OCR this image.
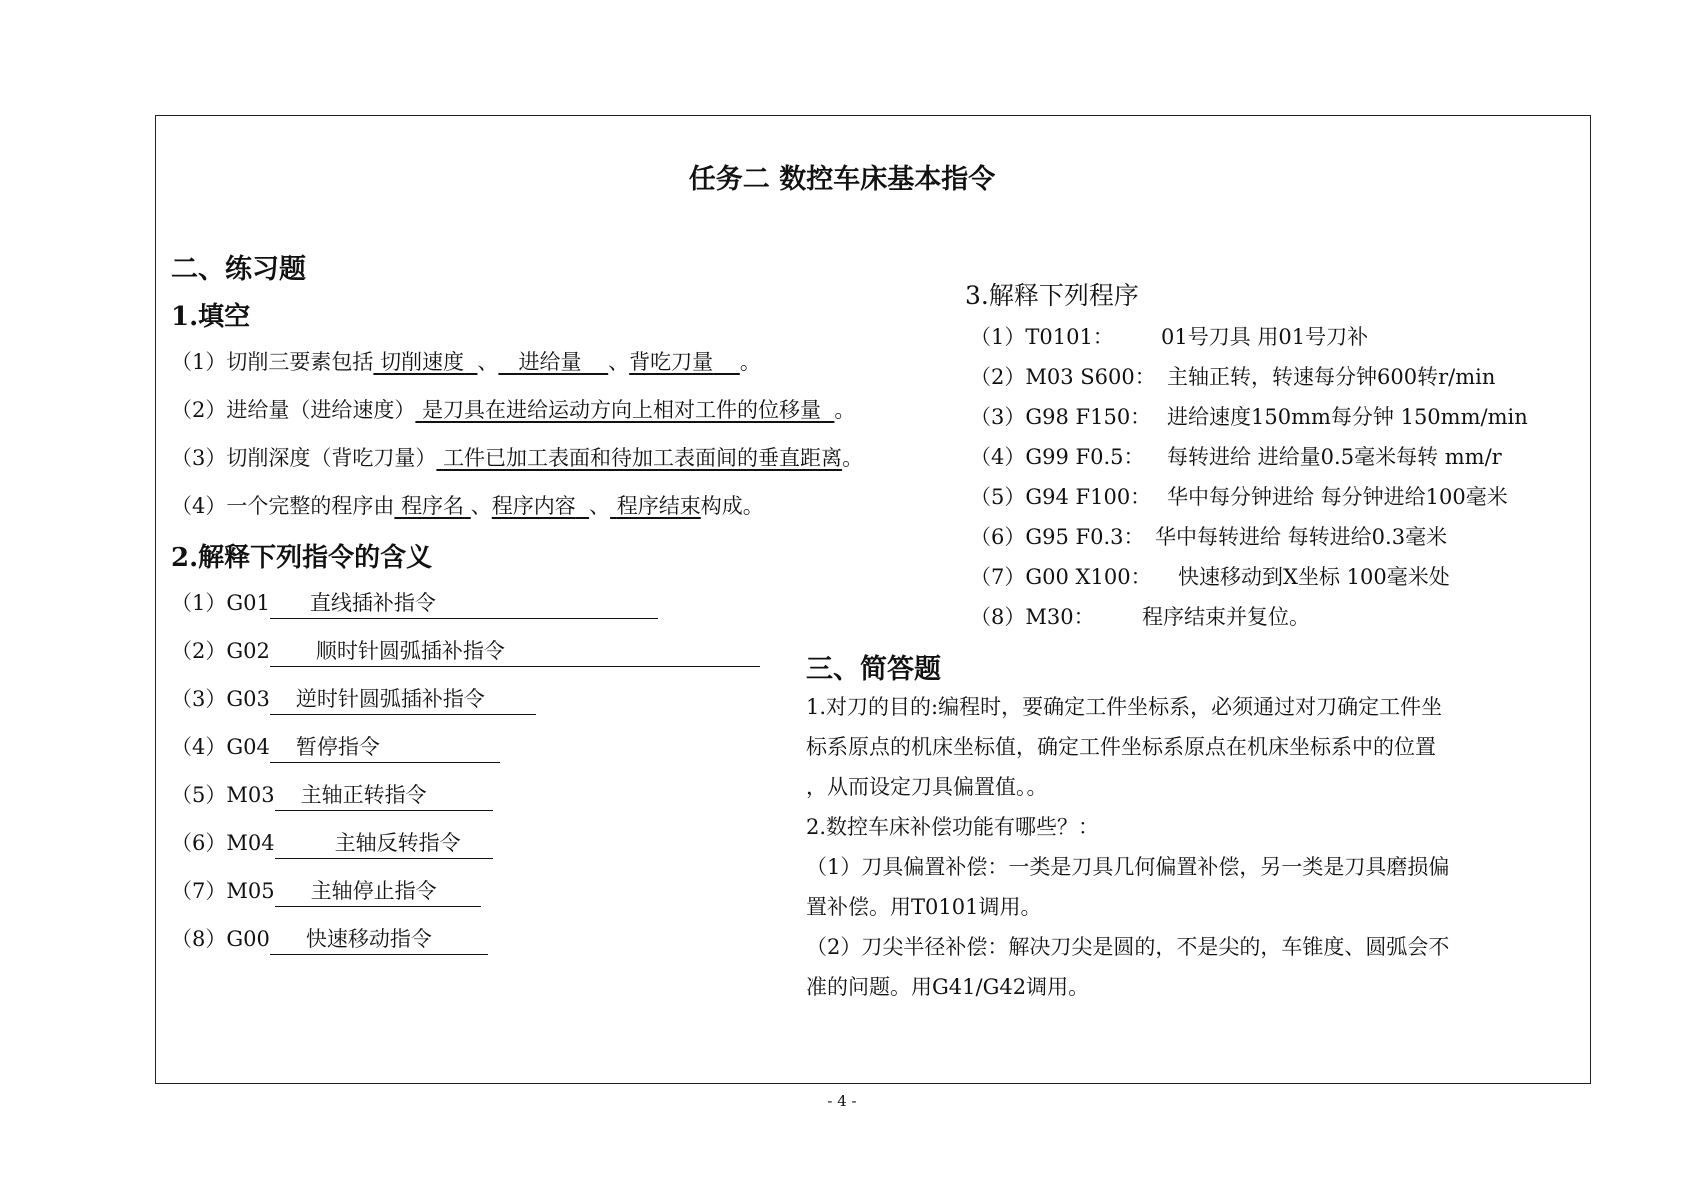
任务二 数控车床基本指令
二、练习题
1.填空
（1）切削三要素包括 切削速度 、 进给量 、背吃刀量 。
（2）进给量（进给速度） 是刀具在进给运动方向上相对工件的位移量 。
（3）切削深度（背吃刀量） 工件已加工表面和待加工表面间的垂直距离。
（4）一个完整的程序由 程序名 、程序内容 、 程序结束构成。
2.解释下列指令的含义
（1）G01 直线插补指令
（2）G02 顺时针圆弧插补指令
（3）G03 逆时针圆弧插补指令
（4）G04 暂停指令
（5）M03 主轴正转指令
（6）M04	主轴反转指令
（7）M05 主轴停止指令
（8）G00 快速移动指令
3.解释下列程序
（1）T0101： 01号刀具 用01号刀补
（2）M03 S600： 主轴正转，转速每分钟600转r/min
（3）G98 F150： 进给速度150mm每分钟 150mm/min
（4）G99 F0.5： 每转进给 进给量0.5毫米每转 mm/r
（5）G94 F100： 华中每分钟进给 每分钟进给100毫米
（6）G95 F0.3： 华中每转进给 每转进给0.3毫米
（7）G00 X100： 快速移动到X坐标 100毫米处
（8）M30： 程序结束并复位。
三、简答题
1.对刀的目的:编程时，要确定工件坐标系，必须通过对刀确定工件坐
标系原点的机床坐标值，确定工件坐标系原点在机床坐标系中的位置
，从而设定刀具偏置值。。
2.数控车床补偿功能有哪些？：
（1）刀具偏置补偿：一类是刀具几何偏置补偿，另一类是刀具磨损偏
置补偿。用T0101调用。
（2）刀尖半径补偿：解决刀尖是圆的，不是尖的，车锥度、圆弧会不
准的问题。用G41/G42调用。
- 4 -
